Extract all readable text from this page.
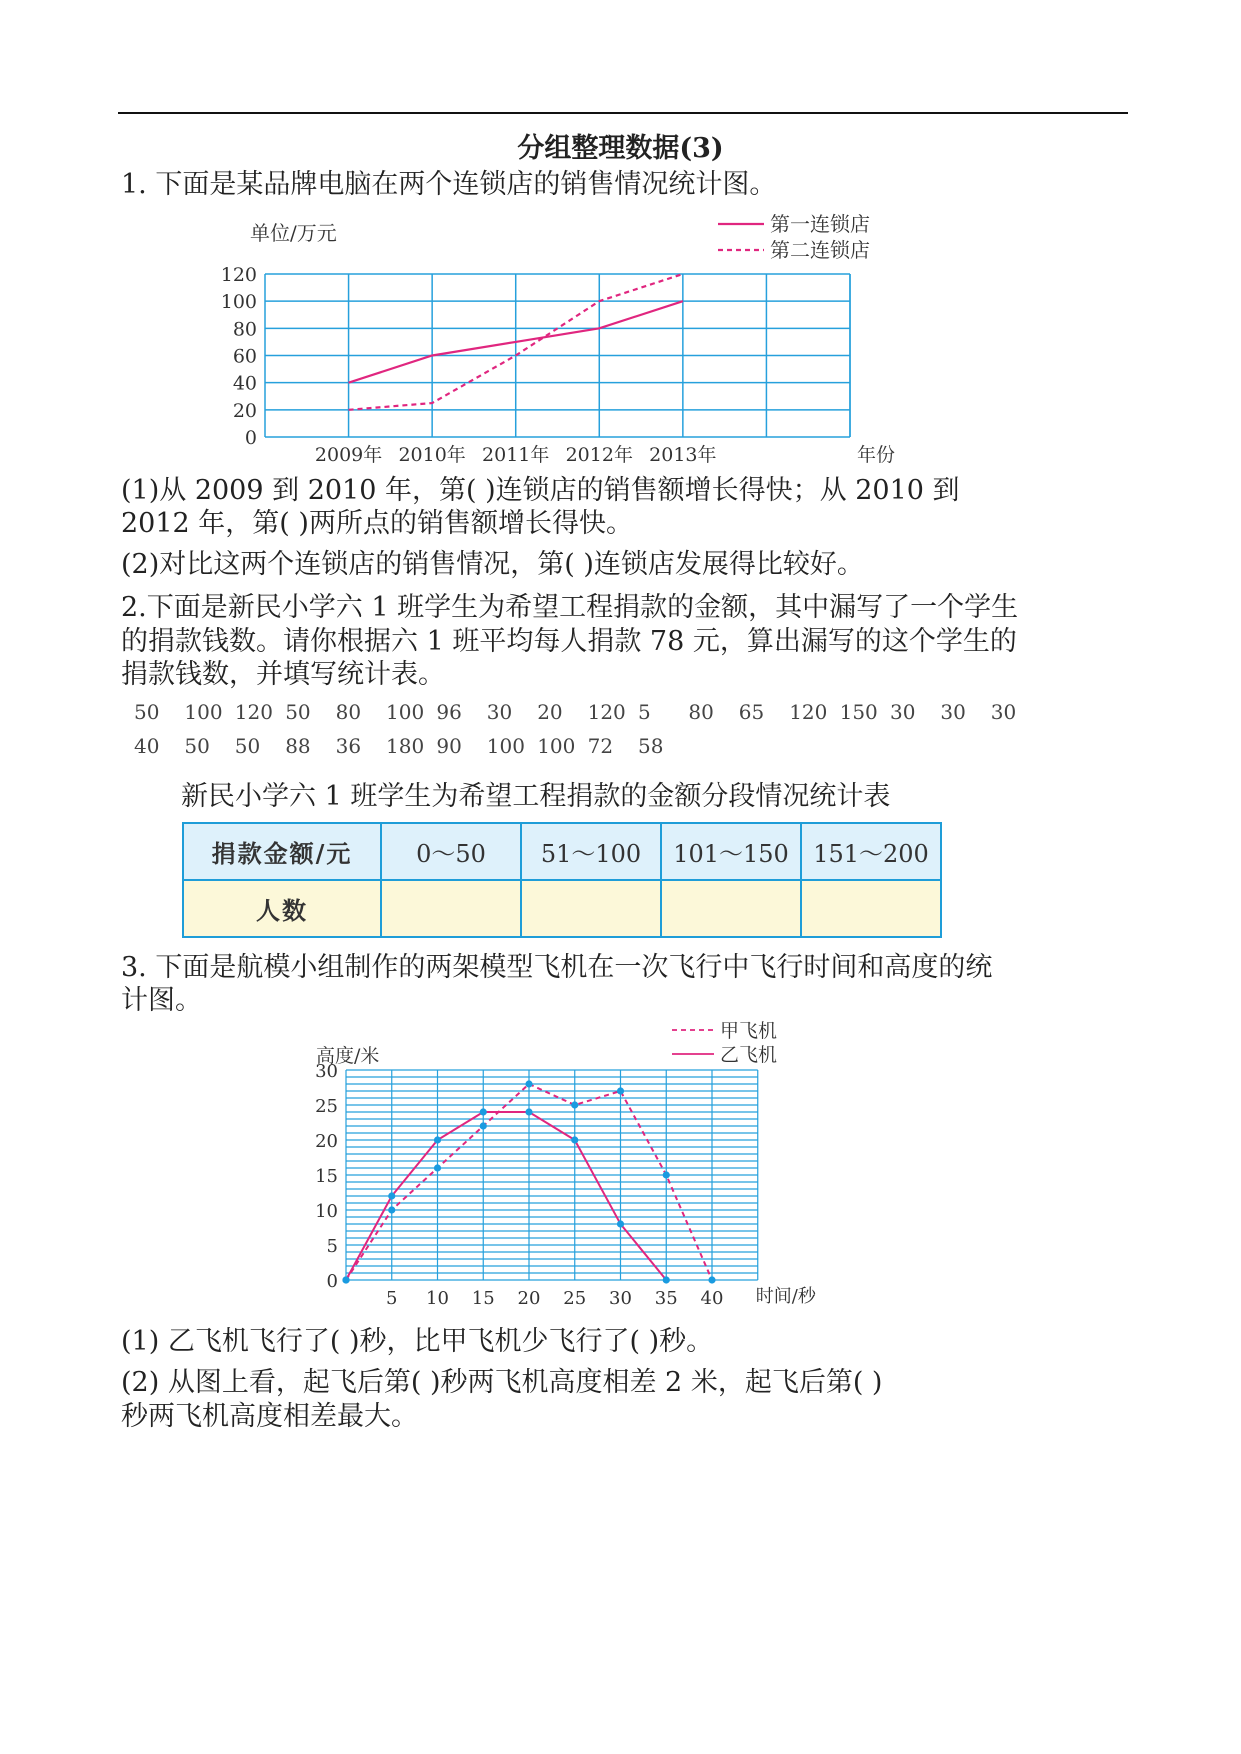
分组整理数据(3)
1. 下面是某品牌电脑在两个连锁店的销售情况统计图。
0
20
40
60
80
100
120
单位/万元
2009年 2010年 2011年 2012年 2013年	年份
第一连锁店
第二连锁店
(1)从 2009 到 2010 年，第( )连锁店的销售额增长得快；从 2010 到
2012 年，第( )两所点的销售额增长得快。
(2)对比这两个连锁店的销售情况，第( )连锁店发展得比较好。
2.下面是新民小学六 1 班学生为希望工程捐款的金额，其中漏写了一个学生
的捐款钱数。请你根据六 1 班平均每人捐款 78 元，算出漏写的这个学生的
捐款钱数，并填写统计表。
50 100 120 50 80 100 96 30 20 120 5 80 65 120 150 30 30 30
40 50 50 88 36 180 90 100 100 72 58
新民小学六 1 班学生为希望工程捐款的金额分段情况统计表
捐款金额/元	0～50	51～100	101～150	151～200
人数				
3. 下面是航模小组制作的两架模型飞机在一次飞行中飞行时间和高度的统
计图。
0
5
10
15
20
25
30
5 10 15 20 25 30 35 40 时间/秒
高度/米
甲飞机
乙飞机
(1) 乙飞机飞行了( )秒，比甲飞机少飞行了( )秒。
(2) 从图上看，起飞后第( )秒两飞机高度相差 2 米，起飞后第( )
秒两飞机高度相差最大。
